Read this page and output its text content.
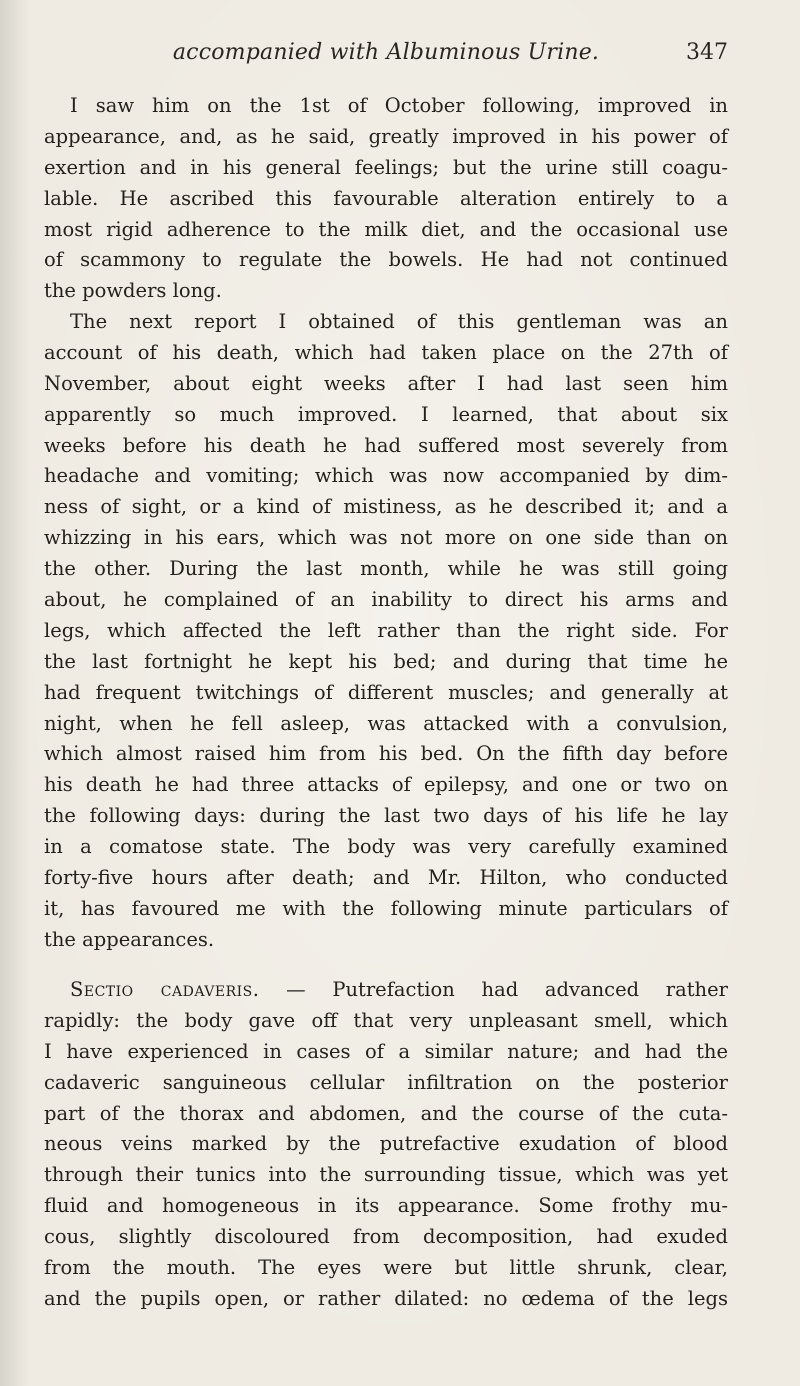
accompanied with Albuminous Urine.	347
I saw him on the 1st of October following, improved in
appearance, and, as he said, greatly improved in his power of
exertion and in his general feelings; but the urine still coagu-
lable. He ascribed this favourable alteration entirely to a
most rigid adherence to the milk diet, and the occasional use
of scammony to regulate the bowels. He had not continued
the powders long.
The next report I obtained of this gentleman was an
account of his death, which had taken place on the 27th of
November, about eight weeks after I had last seen him
apparently so much improved. I learned, that about six
weeks before his death he had suffered most severely from
headache and vomiting; which was now accompanied by dim-
ness of sight, or a kind of mistiness, as he described it; and a
whizzing in his ears, which was not more on one side than on
the other. During the last month, while he was still going
about, he complained of an inability to direct his arms and
legs, which affected the left rather than the right side. For
the last fortnight he kept his bed; and during that time he
had frequent twitchings of different muscles; and generally at
night, when he fell asleep, was attacked with a convulsion,
which almost raised him from his bed. On the fifth day before
his death he had three attacks of epilepsy, and one or two on
the following days: during the last two days of his life he lay
in a comatose state. The body was very carefully examined
forty-five hours after death; and Mr. Hilton, who conducted
it, has favoured me with the following minute particulars of
the appearances.
Sectio cadaveris. — Putrefaction had advanced rather
rapidly: the body gave off that very unpleasant smell, which
I have experienced in cases of a similar nature; and had the
cadaveric sanguineous cellular infiltration on the posterior
part of the thorax and abdomen, and the course of the cuta-
neous veins marked by the putrefactive exudation of blood
through their tunics into the surrounding tissue, which was yet
fluid and homogeneous in its appearance. Some frothy mu-
cous, slightly discoloured from decomposition, had exuded
from the mouth. The eyes were but little shrunk, clear,
and the pupils open, or rather dilated: no œdema of the legs
